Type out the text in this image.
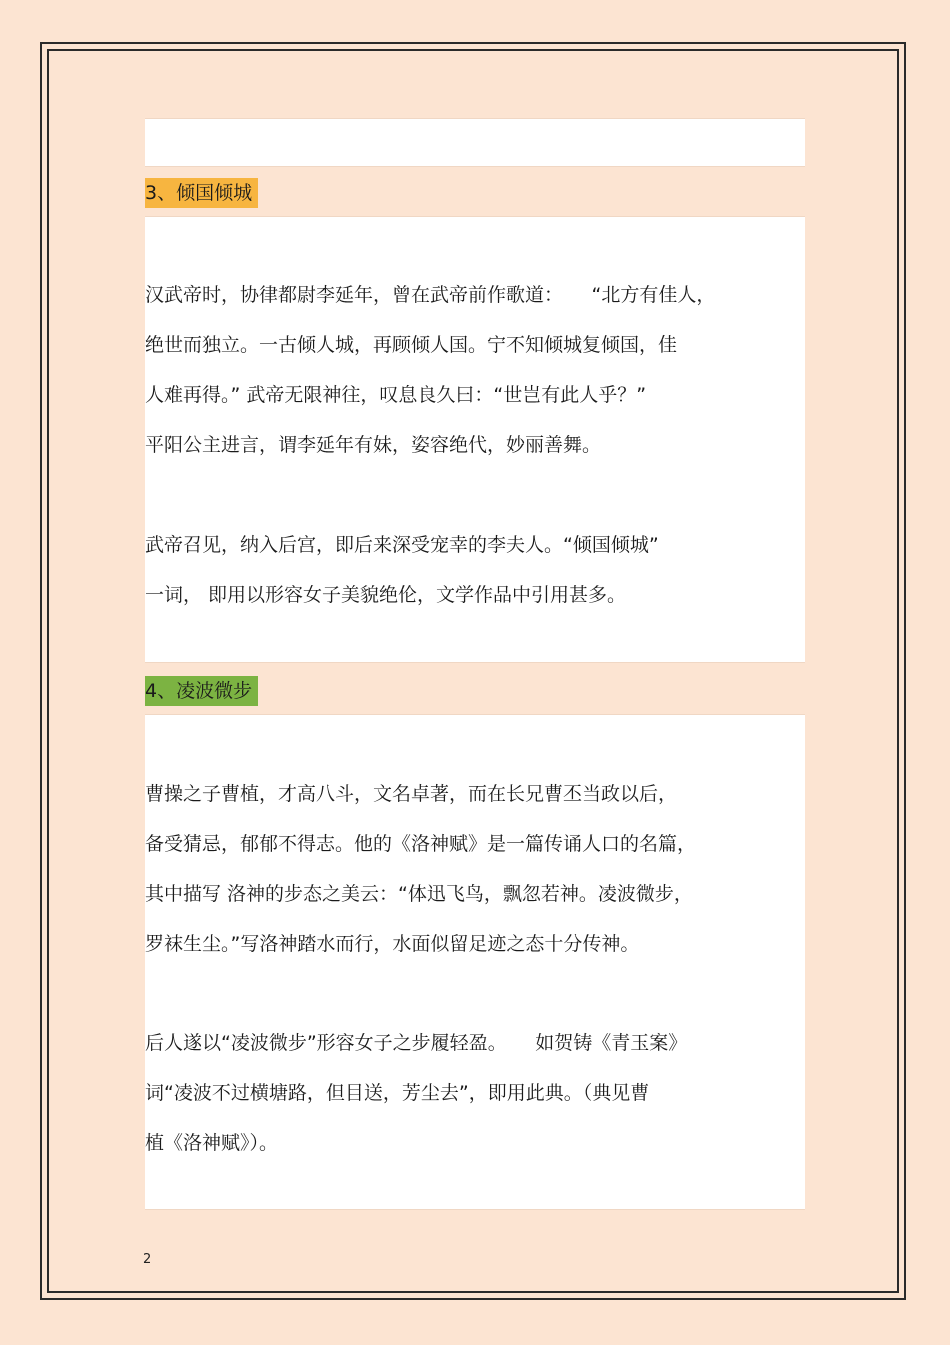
3、倾国倾城
汉武帝时，协律都尉李延年，曾在武帝前作歌道：　　“北方有佳人，
绝世而独立。一古倾人城，再顾倾人国。宁不知倾城复倾国，佳
人难再得。” 武帝无限神往，叹息良久曰：“世岂有此人乎？”
平阳公主进言，谓李延年有妹，姿容绝代，妙丽善舞。
武帝召见，纳入后宫，即后来深受宠幸的李夫人。“倾国倾城”
一词， 即用以形容女子美貌绝伦，文学作品中引用甚多。
4、凌波微步
曹操之子曹植，才高八斗，文名卓著，而在长兄曹丕当政以后，
备受猜忌，郁郁不得志。他的《洛神赋》是一篇传诵人口的名篇，
其中描写 洛神的步态之美云：“体迅飞鸟，飘忽若神。凌波微步，
罗袜生尘。”写洛神踏水而行，水面似留足迹之态十分传神。
后人遂以“凌波微步”形容女子之步履轻盈。　　如贺铸《青玉案》
词“凌波不过横塘路，但目送，芳尘去”，即用此典。（典见曹
植《洛神赋》）。
2
